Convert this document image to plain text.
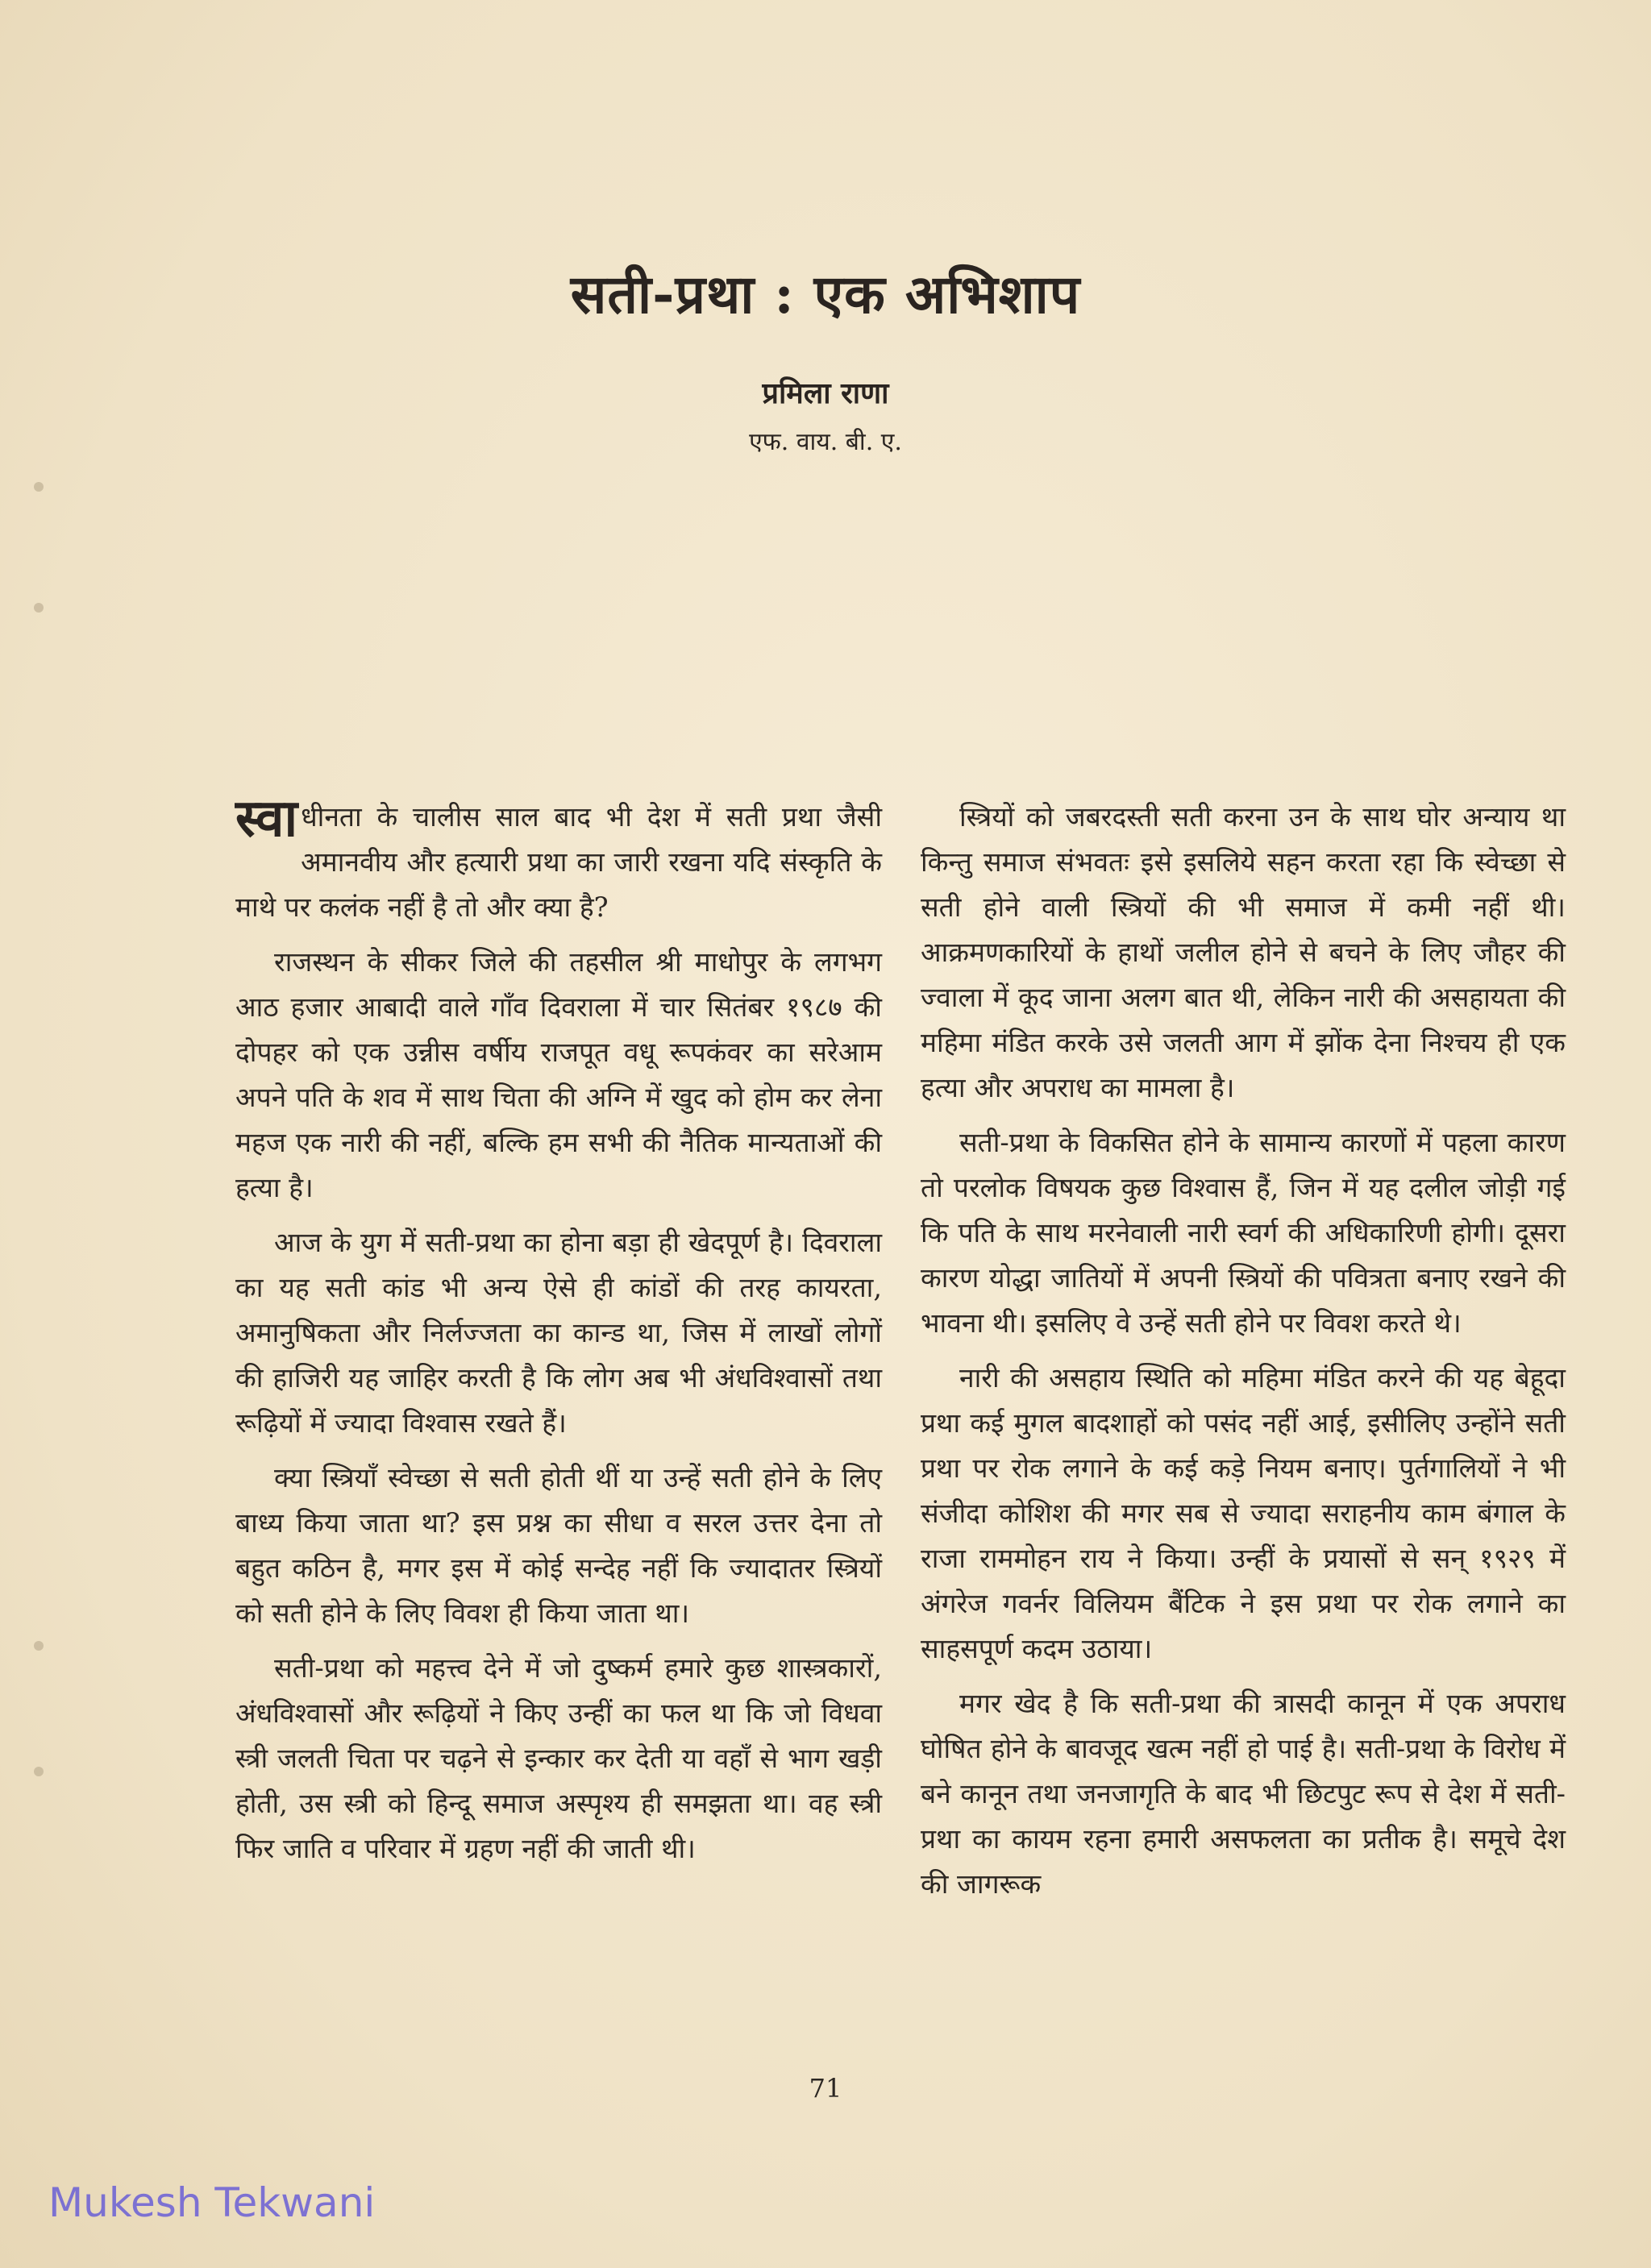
सती-प्रथा : एक अभिशाप
प्रमिला राणा
एफ. वाय. बी. ए.

स्वा धीनता के चालीस साल बाद भी देश में सती प्रथा जैसी अमानवीय और हत्यारी प्रथा का जारी रखना यदि संस्कृति के माथे पर कलंक नहीं है तो और क्या है?

राजस्थन के सीकर जिले की तहसील श्री माधोपुर के लगभग आठ हजार आबादी वाले गाँव दिवराला में चार सितंबर १९८७ की दोपहर को एक उन्नीस वर्षीय राजपूत वधू रूपकंवर का सरेआम अपने पति के शव में साथ चिता की अग्नि में खुद को होम कर लेना महज एक नारी की नहीं, बल्कि हम सभी की नैतिक मान्यताओं की हत्या है।

आज के युग में सती-प्रथा का होना बड़ा ही खेदपूर्ण है। दिवराला का यह सती कांड भी अन्य ऐसे ही कांडों की तरह कायरता, अमानुषिकता और निर्लज्जता का कान्ड था, जिस में लाखों लोगों की हाजिरी यह जाहिर करती है कि लोग अब भी अंधविश्वासों तथा रूढ़ियों में ज्यादा विश्वास रखते हैं।

क्या स्त्रियाँ स्वेच्छा से सती होती थीं या उन्हें सती होने के लिए बाध्य किया जाता था? इस प्रश्न का सीधा व सरल उत्तर देना तो बहुत कठिन है, मगर इस में कोई सन्देह नहीं कि ज्यादातर स्त्रियों को सती होने के लिए विवश ही किया जाता था।

सती-प्रथा को महत्त्व देने में जो दुष्कर्म हमारे कुछ शास्त्रकारों, अंधविश्वासों और रूढ़ियों ने किए उन्हीं का फल था कि जो विधवा स्त्री जलती चिता पर चढ़ने से इन्कार कर देती या वहाँ से भाग खड़ी होती, उस स्त्री को हिन्दू समाज अस्पृश्य ही समझता था। वह स्त्री फिर जाति व परिवार में ग्रहण नहीं की जाती थी।

स्त्रियों को जबरदस्ती सती करना उन के साथ घोर अन्याय था किन्तु समाज संभवतः इसे इसलिये सहन करता रहा कि स्वेच्छा से सती होने वाली स्त्रियों की भी समाज में कमी नहीं थी। आक्रमणकारियों के हाथों जलील होने से बचने के लिए जौहर की ज्वाला में कूद जाना अलग बात थी, लेकिन नारी की असहायता की महिमा मंडित करके उसे जलती आग में झोंक देना निश्चय ही एक हत्या और अपराध का मामला है।

सती-प्रथा के विकसित होने के सामान्य कारणों में पहला कारण तो परलोक विषयक कुछ विश्वास हैं, जिन में यह दलील जोड़ी गई कि पति के साथ मरनेवाली नारी स्वर्ग की अधिकारिणी होगी। दूसरा कारण योद्धा जातियों में अपनी स्त्रियों की पवित्रता बनाए रखने की भावना थी। इसलिए वे उन्हें सती होने पर विवश करते थे।

नारी की असहाय स्थिति को महिमा मंडित करने की यह बेहूदा प्रथा कई मुगल बादशाहों को पसंद नहीं आई, इसीलिए उन्होंने सती प्रथा पर रोक लगाने के कई कड़े नियम बनाए। पुर्तगालियों ने भी संजीदा कोशिश की मगर सब से ज्यादा सराहनीय काम बंगाल के राजा राममोहन राय ने किया। उन्हीं के प्रयासों से सन् १९२९ में अंगरेज गवर्नर विलियम बैंटिक ने इस प्रथा पर रोक लगाने का साहसपूर्ण कदम उठाया।

मगर खेद है कि सती-प्रथा की त्रासदी कानून में एक अपराध घोषित होने के बावजूद खत्म नहीं हो पाई है। सती-प्रथा के विरोध में बने कानून तथा जनजागृति के बाद भी छिटपुट रूप से देश में सती-प्रथा का कायम रहना हमारी असफलता का प्रतीक है। समूचे देश की जागरूक

71
Mukesh Tekwani
